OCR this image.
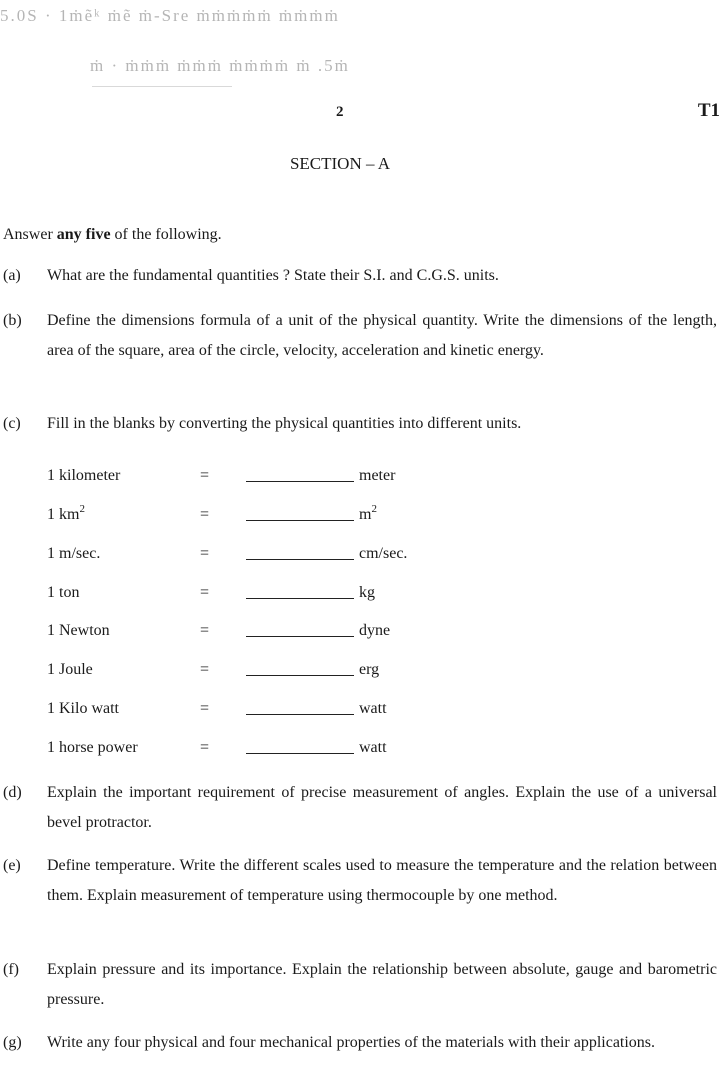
5.0S · 1ṁẽᵏ ṁẽ ṁ-Sre ṁṁṁṁṁ ṁṁṁṁ
ṁ · ṁṁṁ ṁṁṁ ṁṁṁṁ ṁ .5ṁ
2	T1
SECTION – A
Answer any five of the following.
(a) What are the fundamental quantities ? State their S.I. and C.G.S. units.
(b) Define the dimensions formula of a unit of the physical quantity. Write the dimensions of the length, area of the square, area of the circle, velocity, acceleration and kinetic energy.
(c) Fill in the blanks by converting the physical quantities into different units.
1 kilometer	=	meter
1 $km^2$	=	$m^2$
1 m/sec.	=	cm/sec.
1 ton	=	kg
1 Newton	=	dyne
1 Joule	=	erg
1 Kilo watt	=	watt
1 horse power	=	watt
(d) Explain the important requirement of precise measurement of angles. Explain the use of a universal bevel protractor.
(e) Define temperature. Write the different scales used to measure the temperature and the relation between them. Explain measurement of temperature using thermocouple by one method.
(f) Explain pressure and its importance. Explain the relationship between absolute, gauge and barometric pressure.
(g) Write any four physical and four mechanical properties of the materials with their applications.
